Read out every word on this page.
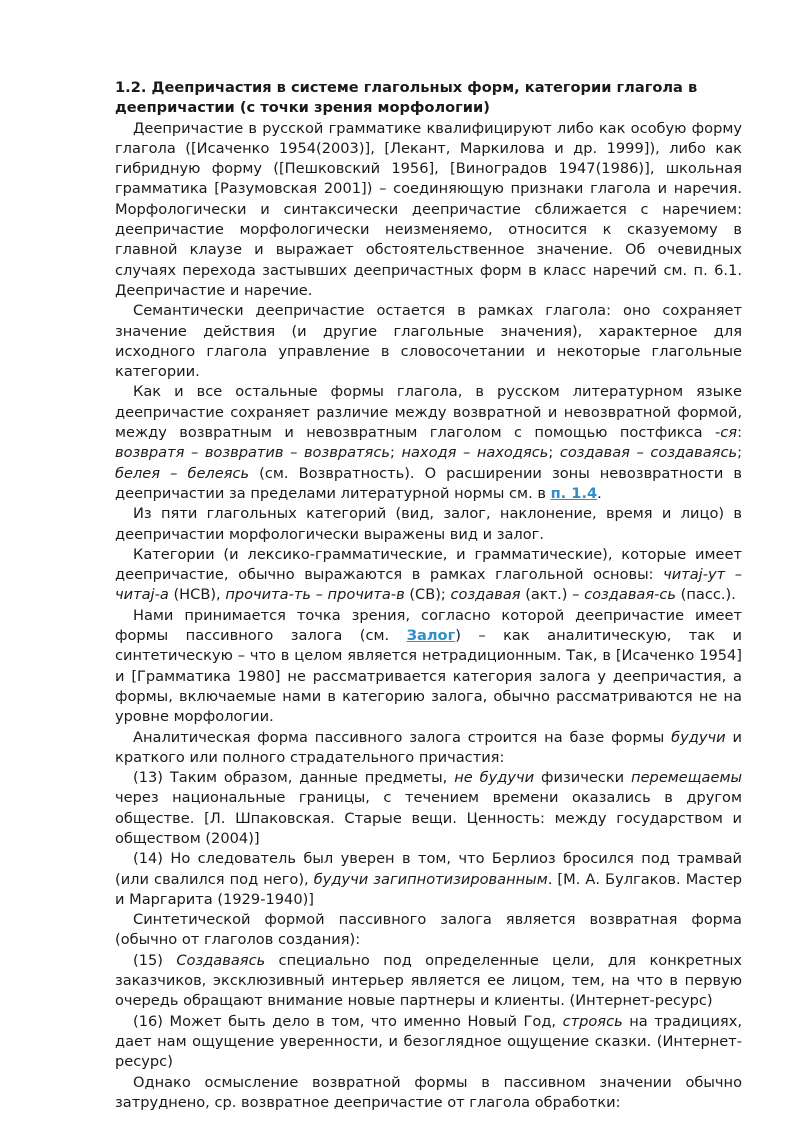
1.2. Деепричастия в системе глагольных форм, категории глагола в деепричастии (с точки зрения морфологии)

Деепричастие в русской грамматике квалифицируют либо как особую форму глагола ([Исаченко 1954(2003)], [Лекант, Маркилова и др. 1999]), либо как гибридную форму ([Пешковский 1956], [Виноградов 1947(1986)], школьная грамматика [Разумовская 2001]) – соединяющую признаки глагола и наречия. Морфологически и синтаксически деепричастие сближается с наречием: деепричастие морфологически неизменяемо, относится к сказуемому в главной клаузе и выражает обстоятельственное значение. Об очевидных случаях перехода застывших деепричастных форм в класс наречий см. п. 6.1. Деепричастие и наречие.

Семантически деепричастие остается в рамках глагола: оно сохраняет значение действия (и другие глагольные значения), характерное для исходного глагола управление в словосочетании и некоторые глагольные категории.

Как и все остальные формы глагола, в русском литературном языке деепричастие сохраняет различие между возвратной и невозвратной формой, между возвратным и невозвратным глаголом с помощью постфикса -ся: возвратя – возвратив – возвратясь; находя – находясь; создавая – создаваясь; белея – белеясь (см. Возвратность). О расширении зоны невозвратности в деепричастии за пределами литературной нормы см. в п. 1.4.

Из пяти глагольных категорий (вид, залог, наклонение, время и лицо) в деепричастии морфологически выражены вид и залог.

Категории (и лексико-грамматические, и грамматические), которые имеет деепричастие, обычно выражаются в рамках глагольной основы: читаj-ут – читаj-а (НСВ), прочита-ть – прочита-в (СВ); создавая (акт.) – создавая-сь (пасс.).

Нами принимается точка зрения, согласно которой деепричастие имеет формы пассивного залога (см. Залог) – как аналитическую, так и синтетическую – что в целом является нетрадиционным. Так, в [Исаченко 1954] и [Грамматика 1980] не рассматривается категория залога у деепричастия, а формы, включаемые нами в категорию залога, обычно рассматриваются не на уровне морфологии.

Аналитическая форма пассивного залога строится на базе формы будучи и краткого или полного страдательного причастия:

(13) Таким образом, данные предметы, не будучи физически перемещаемы через национальные границы, с течением времени оказались в другом обществе. [Л. Шпаковская. Старые вещи. Ценность: между государством и обществом (2004)]

(14) Но следователь был уверен в том, что Берлиоз бросился под трамвай (или свалился под него), будучи загипнотизированным. [М. А. Булгаков. Мастер и Маргарита (1929-1940)]

Синтетической формой пассивного залога является возвратная форма (обычно от глаголов создания):

(15) Создаваясь специально под определенные цели, для конкретных заказчиков, эксклюзивный интерьер является ее лицом, тем, на что в первую очередь обращают внимание новые партнеры и клиенты. (Интернет-ресурс)

(16) Может быть дело в том, что именно Новый Год, строясь на традициях, дает нам ощущение уверенности, и безоглядное ощущение сказки. (Интернет-ресурс)

Однако осмысление возвратной формы в пассивном значении обычно затруднено, ср. возвратное деепричастие от глагола обработки:
